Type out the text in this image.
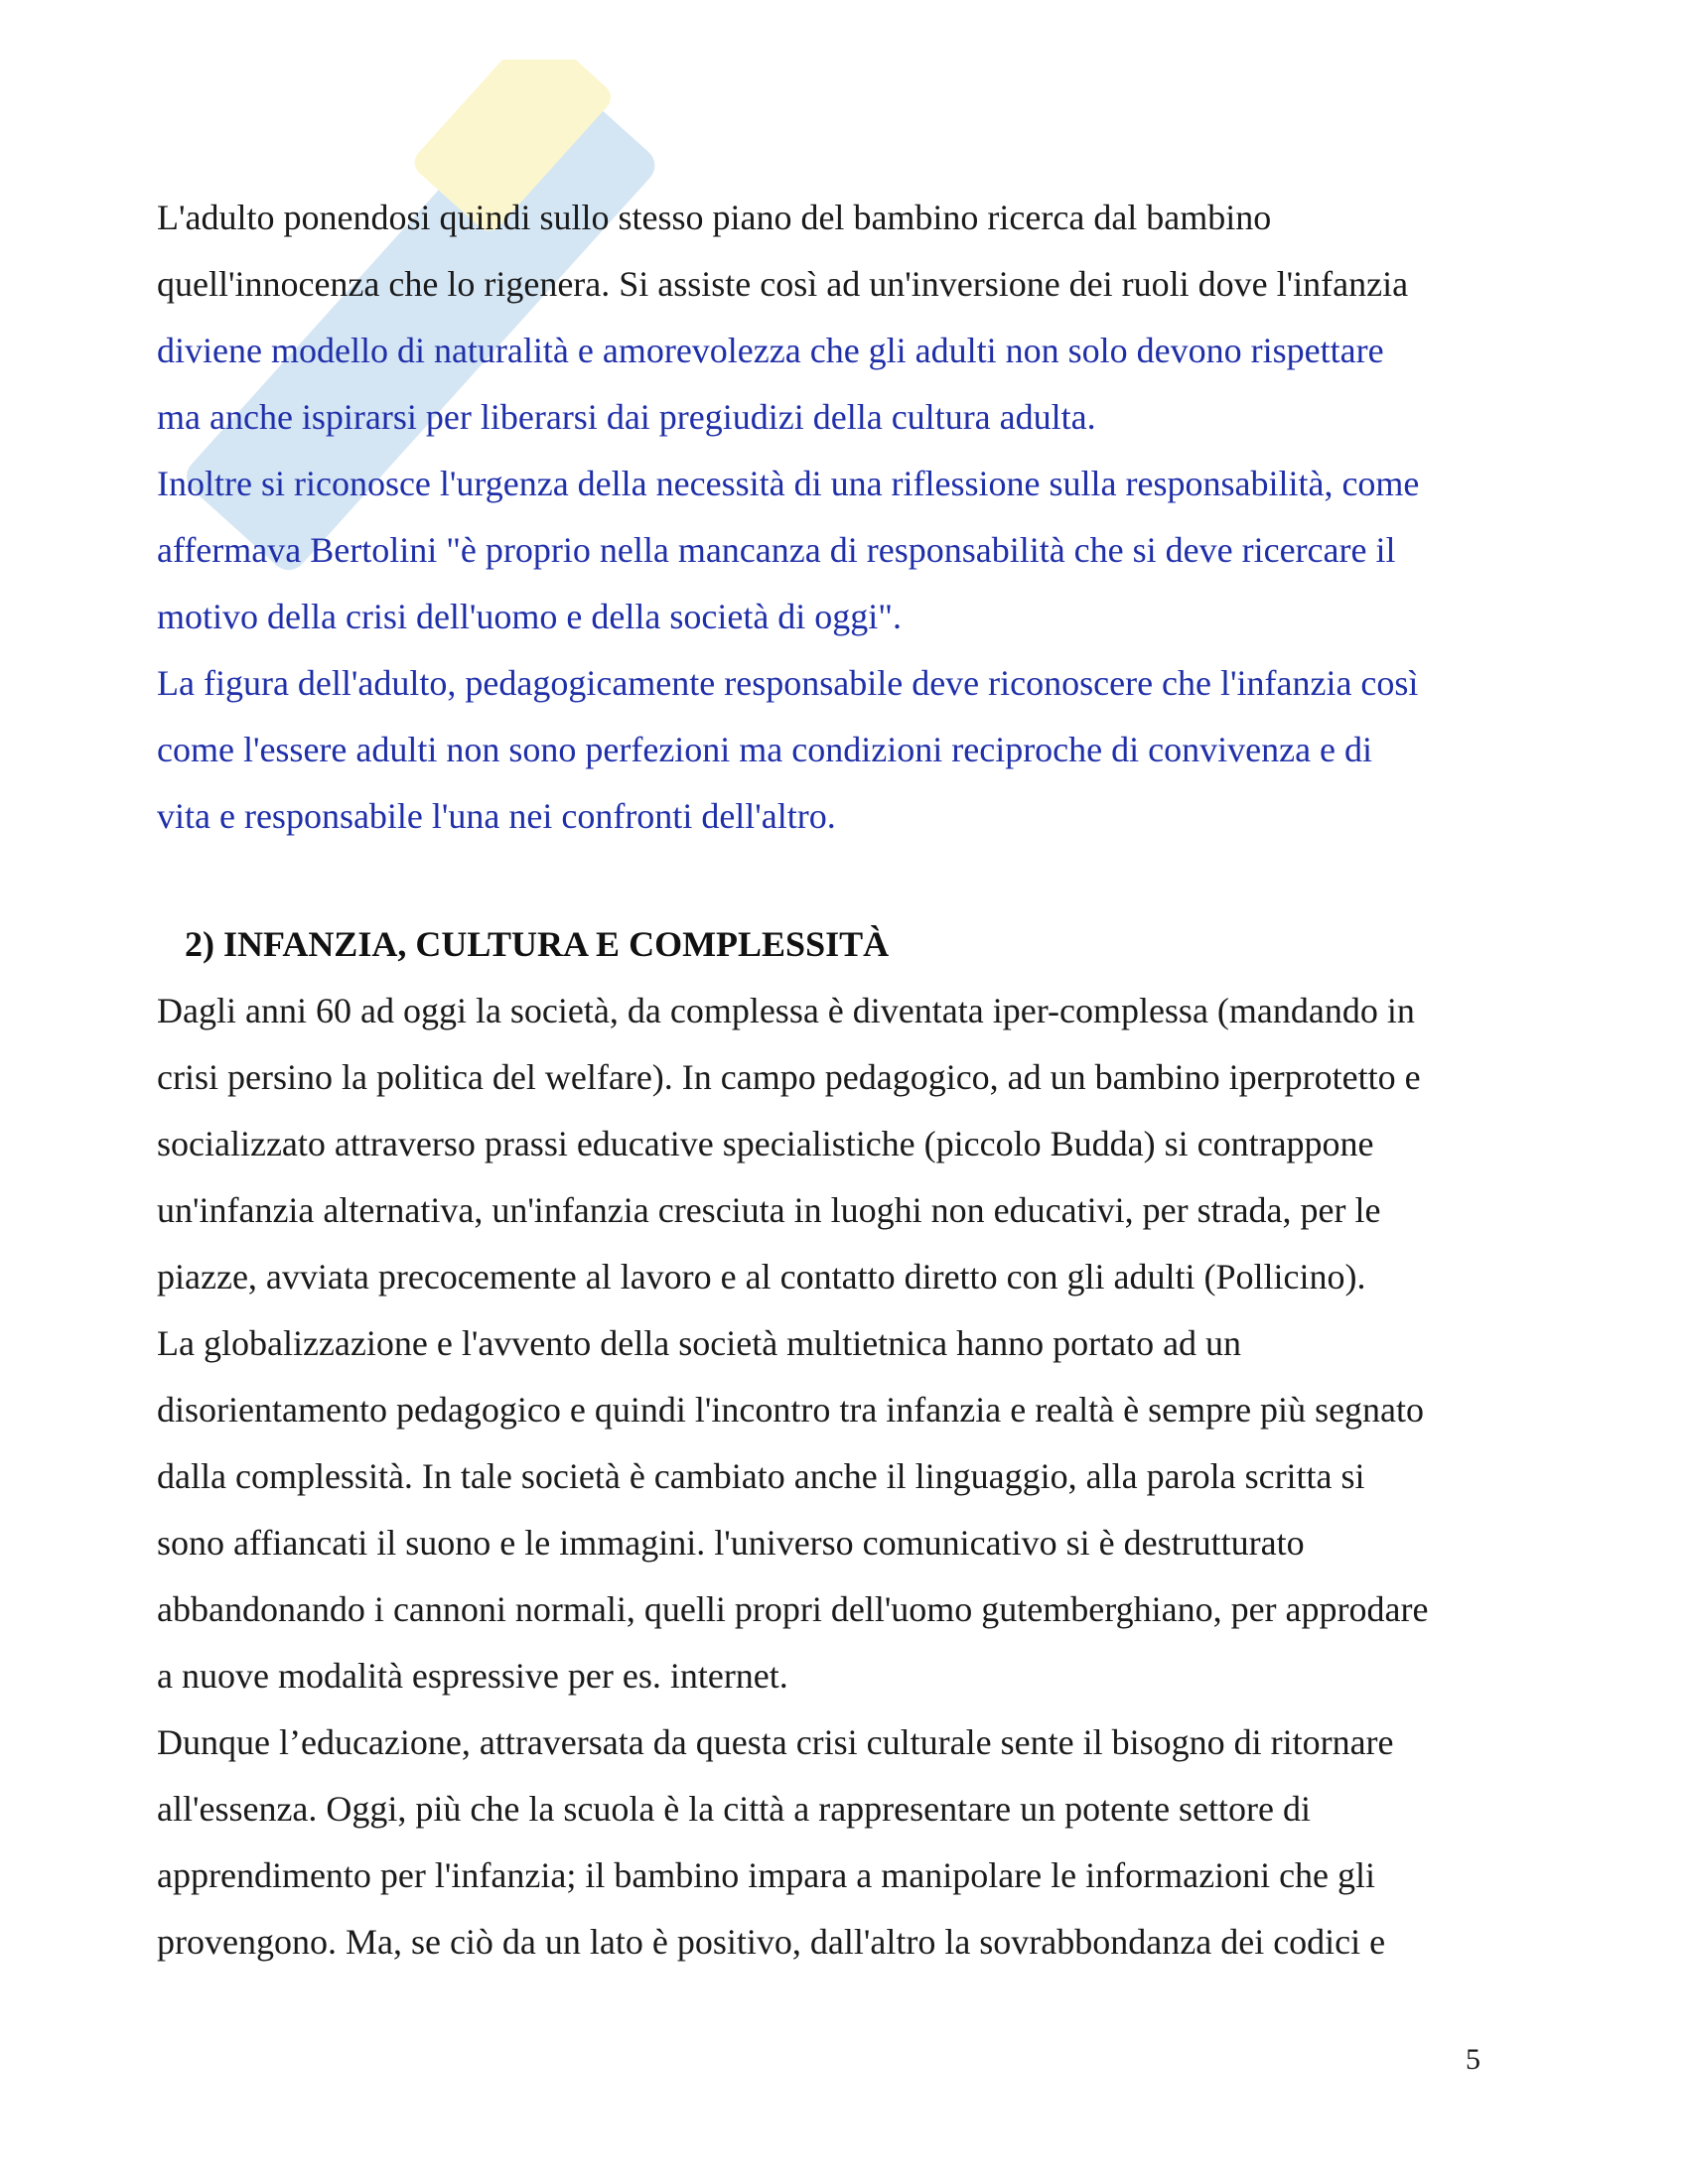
L'adulto ponendosi quindi sullo stesso piano del bambino ricerca dal bambino
quell'innocenza che lo rigenera. Si assiste così ad un'inversione dei ruoli dove l'infanzia
diviene modello di naturalità e amorevolezza che gli adulti non solo devono rispettare
ma anche ispirarsi per liberarsi dai pregiudizi della cultura adulta.
Inoltre si riconosce l'urgenza della necessità di una riflessione sulla responsabilità, come
affermava Bertolini "è proprio nella mancanza di responsabilità che si deve ricercare il
motivo della crisi dell'uomo e della società di oggi".
La figura dell'adulto, pedagogicamente responsabile deve riconoscere che l'infanzia così
come l'essere adulti non sono perfezioni ma condizioni reciproche di convivenza e di
vita e responsabile l'una nei confronti dell'altro.
2) INFANZIA, CULTURA E COMPLESSITÀ
Dagli anni 60 ad oggi la società, da complessa è diventata iper-complessa (mandando in
crisi persino la politica del welfare). In campo pedagogico, ad un bambino iperprotetto e
socializzato attraverso prassi educative specialistiche (piccolo Budda) si contrappone
un'infanzia alternativa, un'infanzia cresciuta in luoghi non educativi, per strada, per le
piazze, avviata precocemente al lavoro e al contatto diretto con gli adulti (Pollicino).
La globalizzazione e l'avvento della società multietnica hanno portato ad un
disorientamento pedagogico e quindi l'incontro tra infanzia e realtà è sempre più segnato
dalla complessità. In tale società è cambiato anche il linguaggio, alla parola scritta si
sono affiancati il suono e le immagini. l'universo comunicativo si è destrutturato
abbandonando i cannoni normali, quelli propri dell'uomo gutemberghiano, per approdare
a nuove modalità espressive per es. internet.
Dunque l’educazione, attraversata da questa crisi culturale sente il bisogno di ritornare
all'essenza. Oggi, più che la scuola è la città a rappresentare un potente settore di
apprendimento per l'infanzia; il bambino impara a manipolare le informazioni che gli
provengono. Ma, se ciò da un lato è positivo, dall'altro la sovrabbondanza dei codici e
5
